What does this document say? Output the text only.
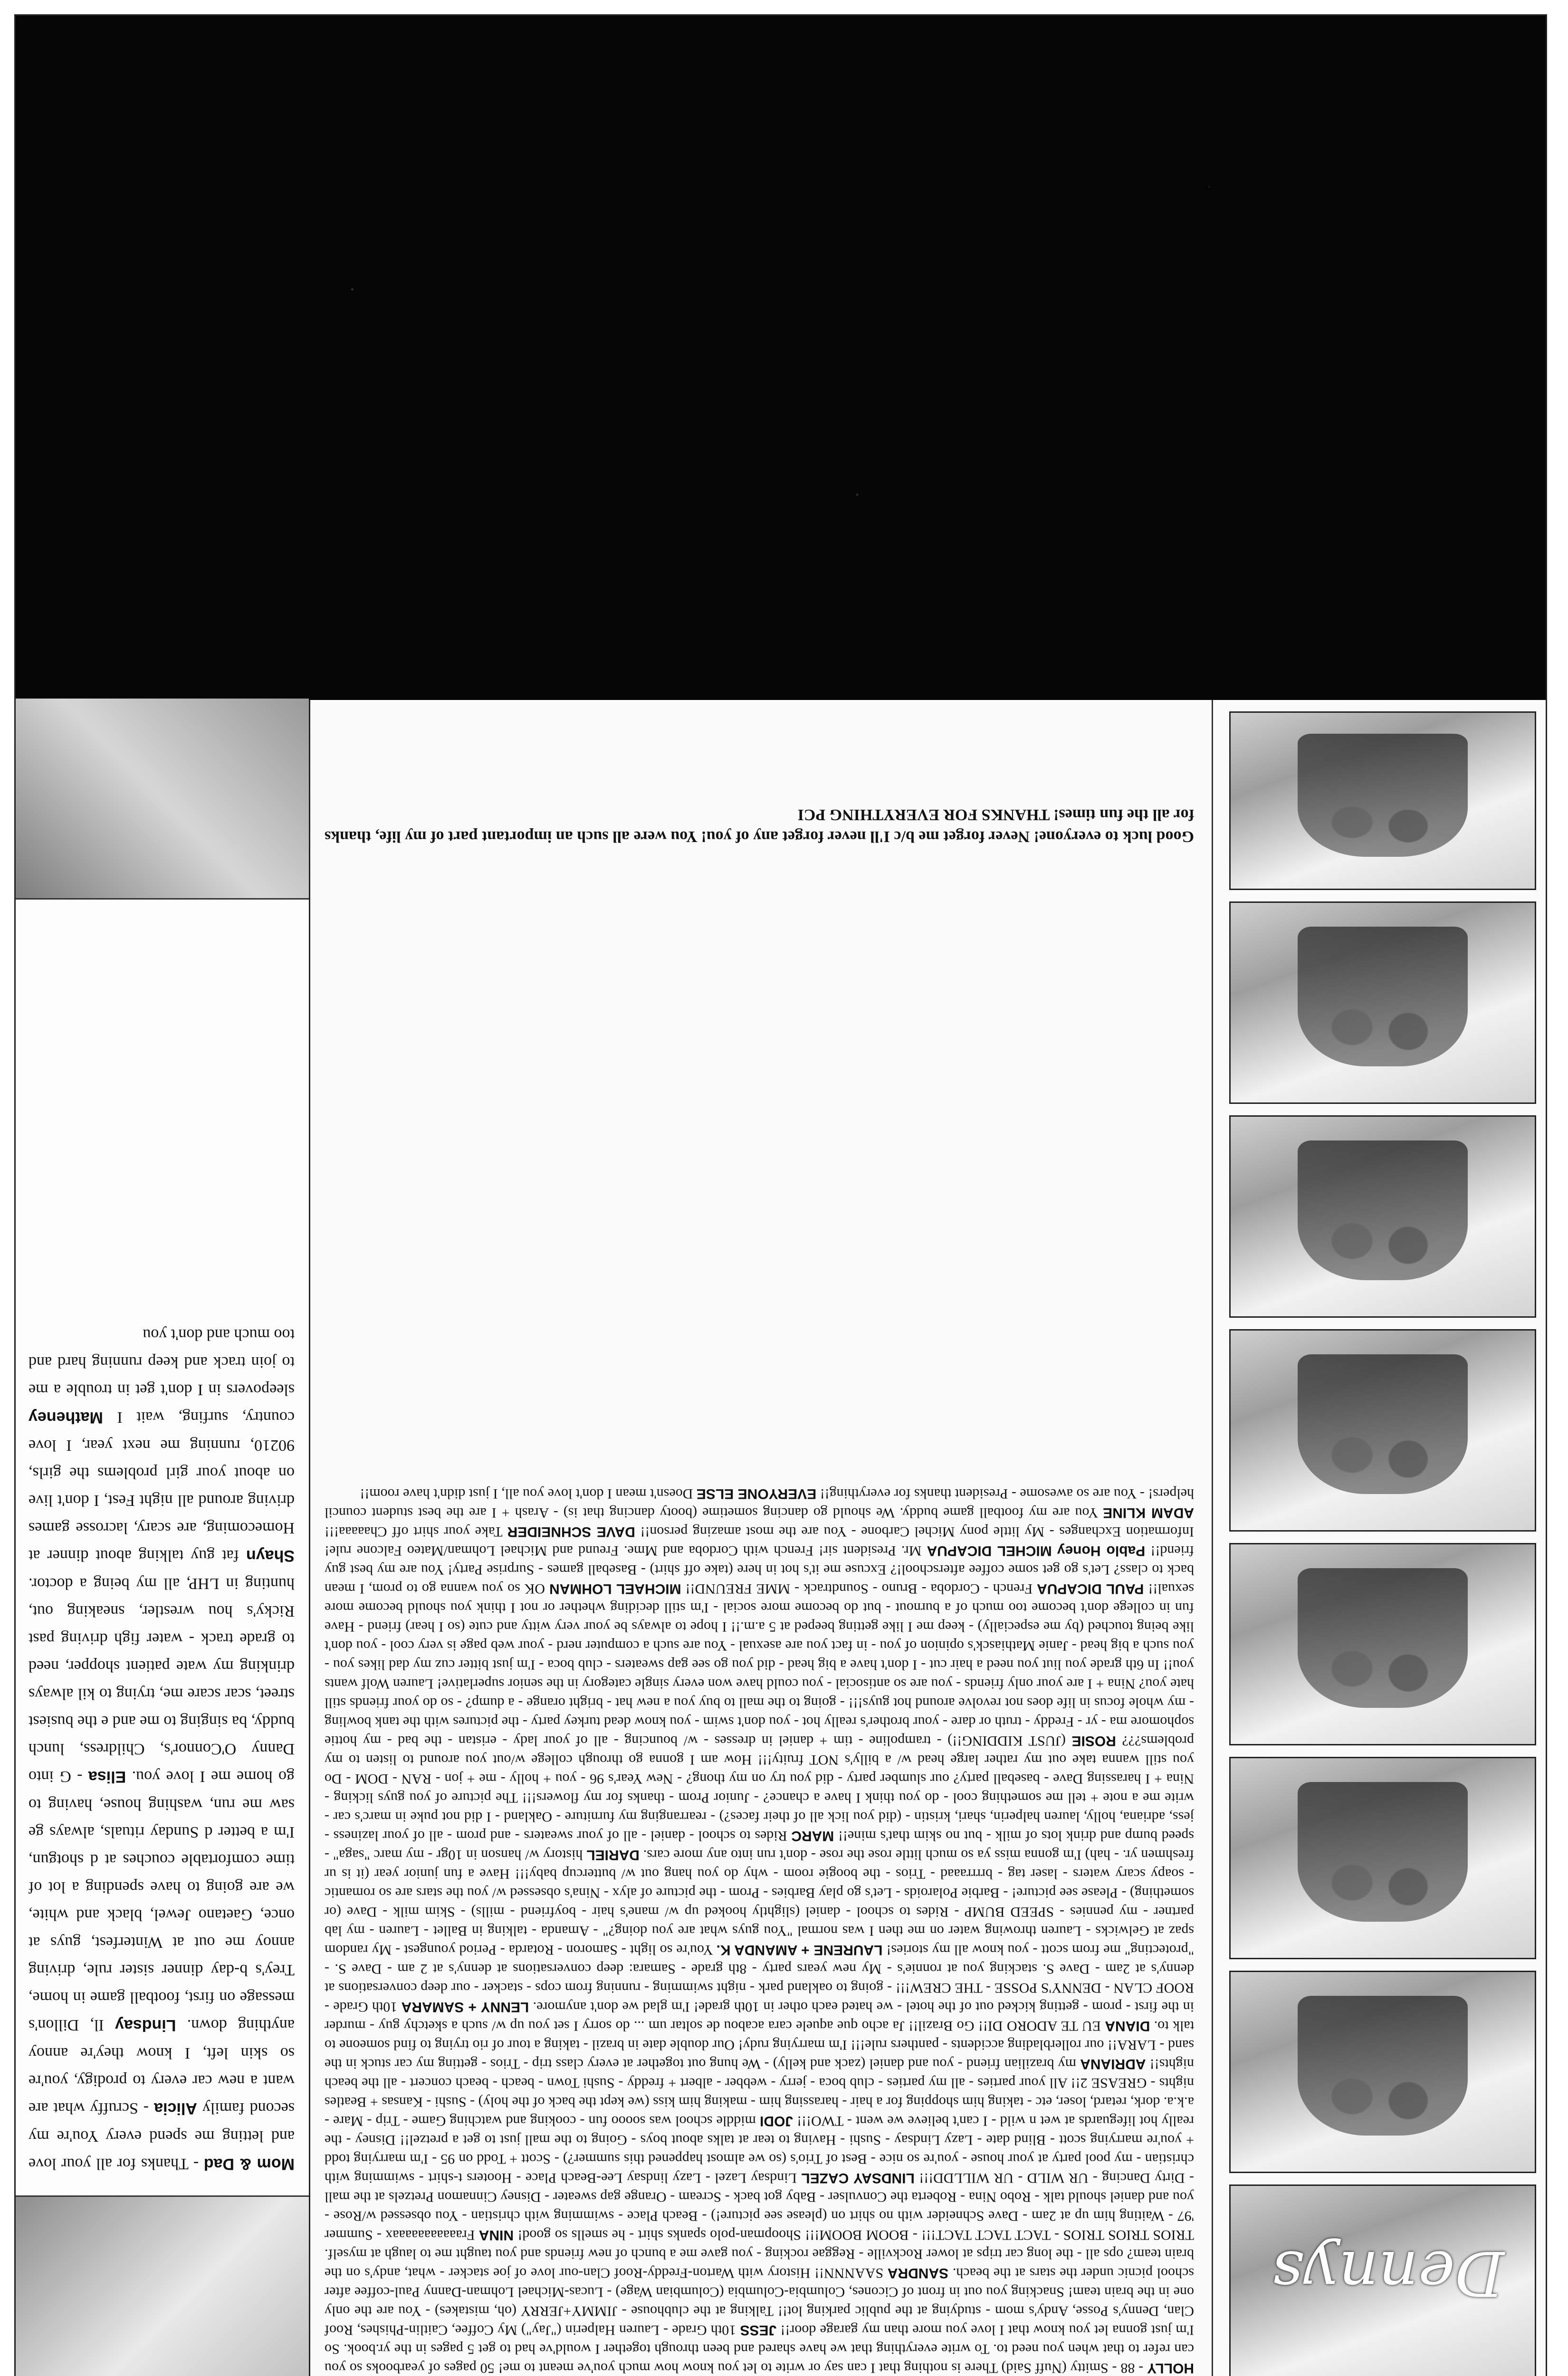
Mom & Dad - Thanks for all your love and letting me spend every You're my second family Alicia - Scruffy what are want a new car every to prodigy, you're so skin left, I know they're annoy anything down. Lindsay Il, Dillon's message on first, football game in home, Trey's b-day dinner sister rule, driving annoy me out at Winterfest, guys at once, Gaetano Jewel, black and white, we are going to have spending a lot of time comfortable couches at d shotgun, I'm a better d Sunday rituals, always ge saw me run, washing house, having to go home me I love you. Elisa - G into Danny O'Connor's, Childress, lunch buddy, ba singing to me and e the busiest street, scar scare me, trying to kil always drinking my wate patient shopper, need to grade track - water figh driving past Ricky's hou wrestler, sneaking out, hunting in LHP, all my being a doctor. Shayn fat guy talking about dinner at Homecoming, are scary, lacrosse games driving around all night Fest, I don't live on about your girl problems the girls, 90210, running me next year, I love country, surfing, wait I Matheney sleepovers in I don't get in trouble a me to join track and keep running hard and too much and don't you
Dennys
HOLLY - 88 - Smitty (Nuff Said) There is nothing that I can say or write to let you know how much you've meant to me! 50 pages of yearbooks so you can refer to that when you need to. To write everything that we have shared and been through together I would've had to get 5 pages in the yr.book. So I'm just gonna let you know that I love you more than my garage door!! JESS 10th Grade - Lauren Halperin ("Jay") My Coffee, Caitlin-Phishes, Roof Clan, Denny's Posse, Andy's mom - studying at the public parking lot!! Talking at the clubhouse - JIMMY+JERRY (oh, mistakes) - You are the only one in the brain team! Snacking you out in front of Cicones, Columbia-Columbia (Columbian Wage) - Lucas-Michael Lohman-Danny Paul-coffee after school picnic under the stars at the beach. SANDRA SAANNN!! History with Warton-Freddy-Roof Clan-our love of joe stacker - what, andy's on the brain team? ops all - the long car trips at lower Rockville - Reggae rocking - you gave me a bunch of new friends and you taught me to laugh at myself. TRIOS TRIOS TRIOS - TACT TACT TACT!!! - BOOM BOOM!!! Shoopman-polo spanks shirt - he smells so good! NINA Fraaaaaaaaaaax - Summer '97 - Waiting him up at 2am - Dave Schneider with no shirt on (please see picture!) - Beach Place - swimming with christian - You obsessed w/Rose - you and daniel should talk - Robo Nina - Roberta the Convulser - Baby got back - Scream - Orange gap sweater - Disney Cinnamon Pretzels at the mall - Dirty Dancing - UR WILD - UR WILLDD!!! LINDSAY CAZEL Lindsay Lazel - Lazy lindsay Lee-Beach Place - Hooters t-shirt - swimming with christian - my pool party at your house - you're so nice - Best of Trio's (so we almost happened this summer?) - Scott + Todd on 95 - I'm marrying todd + you're marrying scott - Blind date - Lazy Lindsay - Sushi - Having to tear at talks about boys - Going to the mall just to get a pretzel!! Disney - the really hot lifeguards at wet n wild - I can't believe we went - TWO!!! JODI middle school was soooo fun - cooking and watching Game - Trip - Mare - a.k.a. dork, retard, loser, etc - taking him shopping for a hair - harassing him - making him kiss (we kept the back of the holy) - Sushi - Kansas + Beatles nights - GREASE 2!! All your parties - all my parties - club boca - jerry - webber - albert + freddy - Sushi Town - beach - beach concert - all the beach nights!! ADRIANA my brazilian friend - you and daniel (zack and kelly) - We hung out together at every class trip - Trios - getting my car stuck in the sand - LARA!! our rollerblading accidents - panthers rule!!! I'm marrying rudy! Our double date in brazil - taking a tour of rio trying to find someone to talk to. DIANA EU TE ADORO DI!! Go Brazil!! Ja acho que aquele cara acabou de soltar um ... do sorry I set you up w/ such a sketchy guy - murder in the first - prom - getting kicked out of the hotel - we hated each other in 10th grade! I'm glad we don't anymore. LENNY + SAMARA 10th Grade - ROOF CLAN - DENNY'S POSSE - THE CREW!!! - going to oakland park - night swimming - running from cops - stacker - our deep conversations at denny's at 2am - Dave S. stacking you at ronnie's - My new years party - 8th grade - Samara: deep conversations at denny's at 2 am - Dave S. - "protecting" me from scott - you know all my stories! LAURENE + AMANDA K. You're so light - Samoron - Rotarda - Period youngest - My random spaz at Gelwicks - Lauren throwing water on me then I was normal "You guys what are you doing?" - Amanda - talking in Ballet - Lauren - my lab partner - my pennies - SPEED BUMP - Rides to school - daniel (slightly hooked up w/ mane's hair - boyfriend - mills) - Skim milk - Dave (or something) - Please see picture! - Barbie Polaroids - Let's go play Barbies - Prom - the picture of alyx - Nina's obsessed w/ you the stars are so romantic - soapy scary waters - laser tag - brrrraaad - Trios - the boogie room - why do you hang out w/ buttercup baby!!! Have a fun junior year (it is ur freshmen yr. - hah) I'm gonna miss ya so much little rose the rose - don't run into any more cars. DARIEL history w/ hanson in 10gr - my marc "saga" - speed bump and drink lots of milk - but no skim that's mine!! MARC Rides to school - daniel - all of your sweaters - and prom - all of your laziness - jess, adriana, holly, lauren halperin, shari, kristin - (did you lick all of their faces?) - rearranging my furniture - Oakland - I did not puke in marc's car - write me a note + tell me something cool - do you think I have a chance? - Junior Prom - thanks for my flowers!!! The picture of you guys licking - Nina + I harassing Dave - baseball party? our slumber party - did you try on my thong? - New Year's 96 - you + holly - me + jon - RAN - DOM - Do you still wanna take out my rather large head w/ a billy's NOT fruity!!! How am I gonna go through college w/out you around to listen to my problems??? ROSIE (JUST KIDDING!!) - trampoline - tim + daniel in dresses - w/ bouncing - all of your lady - eristan - the bad - my hottie sophomore ma - yr - Freddy - truth or dare - your brother's really hot - you don't swim - you know dead turkey party - the pictures with the tank bowling - my whole focus in life does not revolve around hot guys!!! - going to the mall to buy you a new hat - bright orange - a dump? - so do your friends still hate you? Nina + I are your only friends - you are so antisocial - you could have won every single category in the senior superlative! Lauren Wolf wants you!! In 6th grade you liut you need a hair cut - I don't have a big head - did you go see gap sweaters - club boca - I'm just bitter cuz my dad likes you - you such a big head - Janie Mathiasck's opinion of you - in fact you are asexual - You are such a computer nerd - your web page is very cool - you don't like being touched (by me especially) - keep me I like getting beeped at 5 a.m.!! I hope to always be your very witty and cute (so I hear) friend - Have fun in college don't become too much of a burnout - but do become more social - I'm still deciding whether or not I think you should become more sexual!! PAUL DICAPUA French - Cordoba - Bruno - Soundtrack - MME FREUND!! MICHAEL LOHMAN OK so you wanna go to prom, I mean back to class? Let's go get some coffee afterschool!? Excuse me it's hot in here (take off shirt) - Baseball games - Surprise Party! You are my best guy friend!! Pablo Honey MICHEL DICAPUA Mr. President sir! French with Cordoba and Mme. Freund and Michael Lohman/Mateo Falcone rule! Information Exchanges - My little pony Michel Carbone - You are the most amazing person!! DAVE SCHNEIDER Take your shirt off Chaaaaa!!! ADAM KLINE You are my football game buddy. We should go dancing sometime (booty dancing that is) - Arash + I are the best student council helpers! - You are so awesome - President thanks for everything!! EVERYONE ELSE Doesn't mean I don't love you all, I just didn't have room!!
Good luck to everyone! Never forget me b/c I'll never forget any of you! You were all such an important part of my life, thanks for all the fun times! THANKS FOR EVERYTHING PCI
